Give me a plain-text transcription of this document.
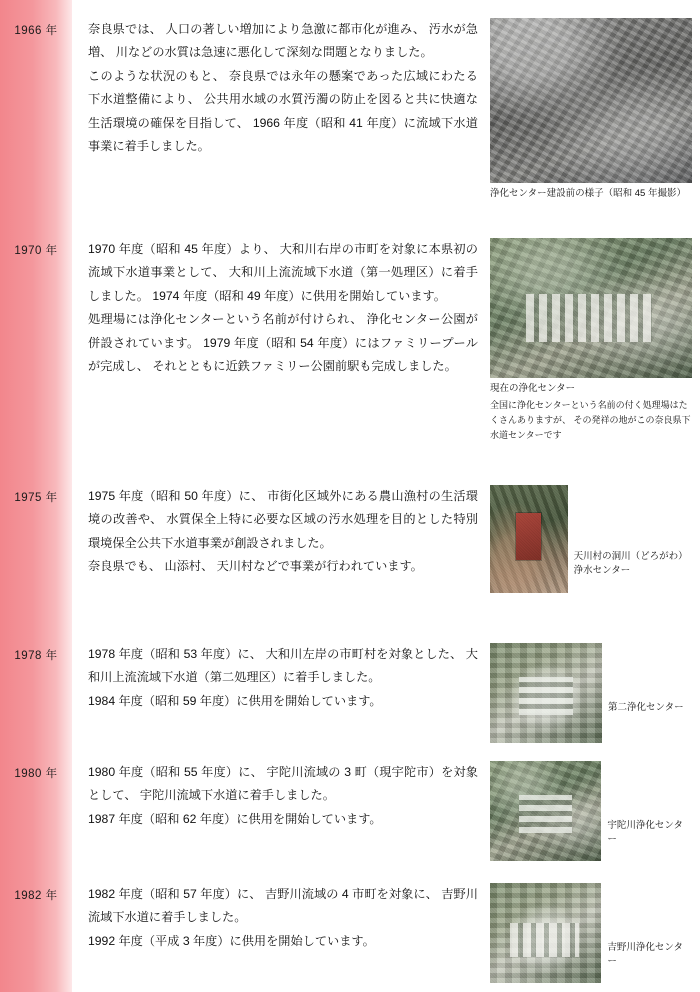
1966 年	奈良県では、 人口の著しい増加により急激に都市化が進み、 汚水が急増、 川などの水質は急速に悪化して深刻な問題となりました。

このような状況のもと、 奈良県では永年の懸案であった広域にわたる下水道整備により、 公共用水域の水質汚濁の防止を図ると共に快適な生活環境の確保を目指して、 1966 年度（昭和 41 年度）に流域下水道事業に着手しました。

浄化センター建設前の様子（昭和 45 年撮影）
1970 年	1970 年度（昭和 45 年度）より、 大和川右岸の市町を対象に本県初の流域下水道事業として、 大和川上流流域下水道（第一処理区）に着手しました。 1974 年度（昭和 49 年度）に供用を開始しています。

処理場には浄化センターという名前が付けられ、 浄化センター公園が併設されています。 1979 年度（昭和 54 年度）にはファミリープールが完成し、 それとともに近鉄ファミリー公園前駅も完成しました。

現在の浄化センター
全国に浄化センターという名前の付く処理場はたくさんありますが、 その発祥の地がこの奈良県下水道センターです
1975 年	1975 年度（昭和 50 年度）に、 市街化区域外にある農山漁村の生活環境の改善や、 水質保全上特に必要な区域の汚水処理を目的とした特別環境保全公共下水道事業が創設されました。

奈良県でも、 山添村、 天川村などで事業が行われています。

天川村の洞川（どろがわ）浄水センター
1978 年	1978 年度（昭和 53 年度）に、 大和川左岸の市町村を対象とした、 大和川上流流域下水道（第二処理区）に着手しました。

1984 年度（昭和 59 年度）に供用を開始しています。	第二浄化センター
1980 年	1980 年度（昭和 55 年度）に、 宇陀川流域の 3 町（現宇陀市）を対象として、 宇陀川流域下水道に着手しました。

1987 年度（昭和 62 年度）に供用を開始しています。	宇陀川浄化センター
1982 年	1982 年度（昭和 57 年度）に、 吉野川流域の 4 市町を対象に、 吉野川流域下水道に着手しました。

1992 年度（平成 3 年度）に供用を開始しています。	吉野川浄化センター
